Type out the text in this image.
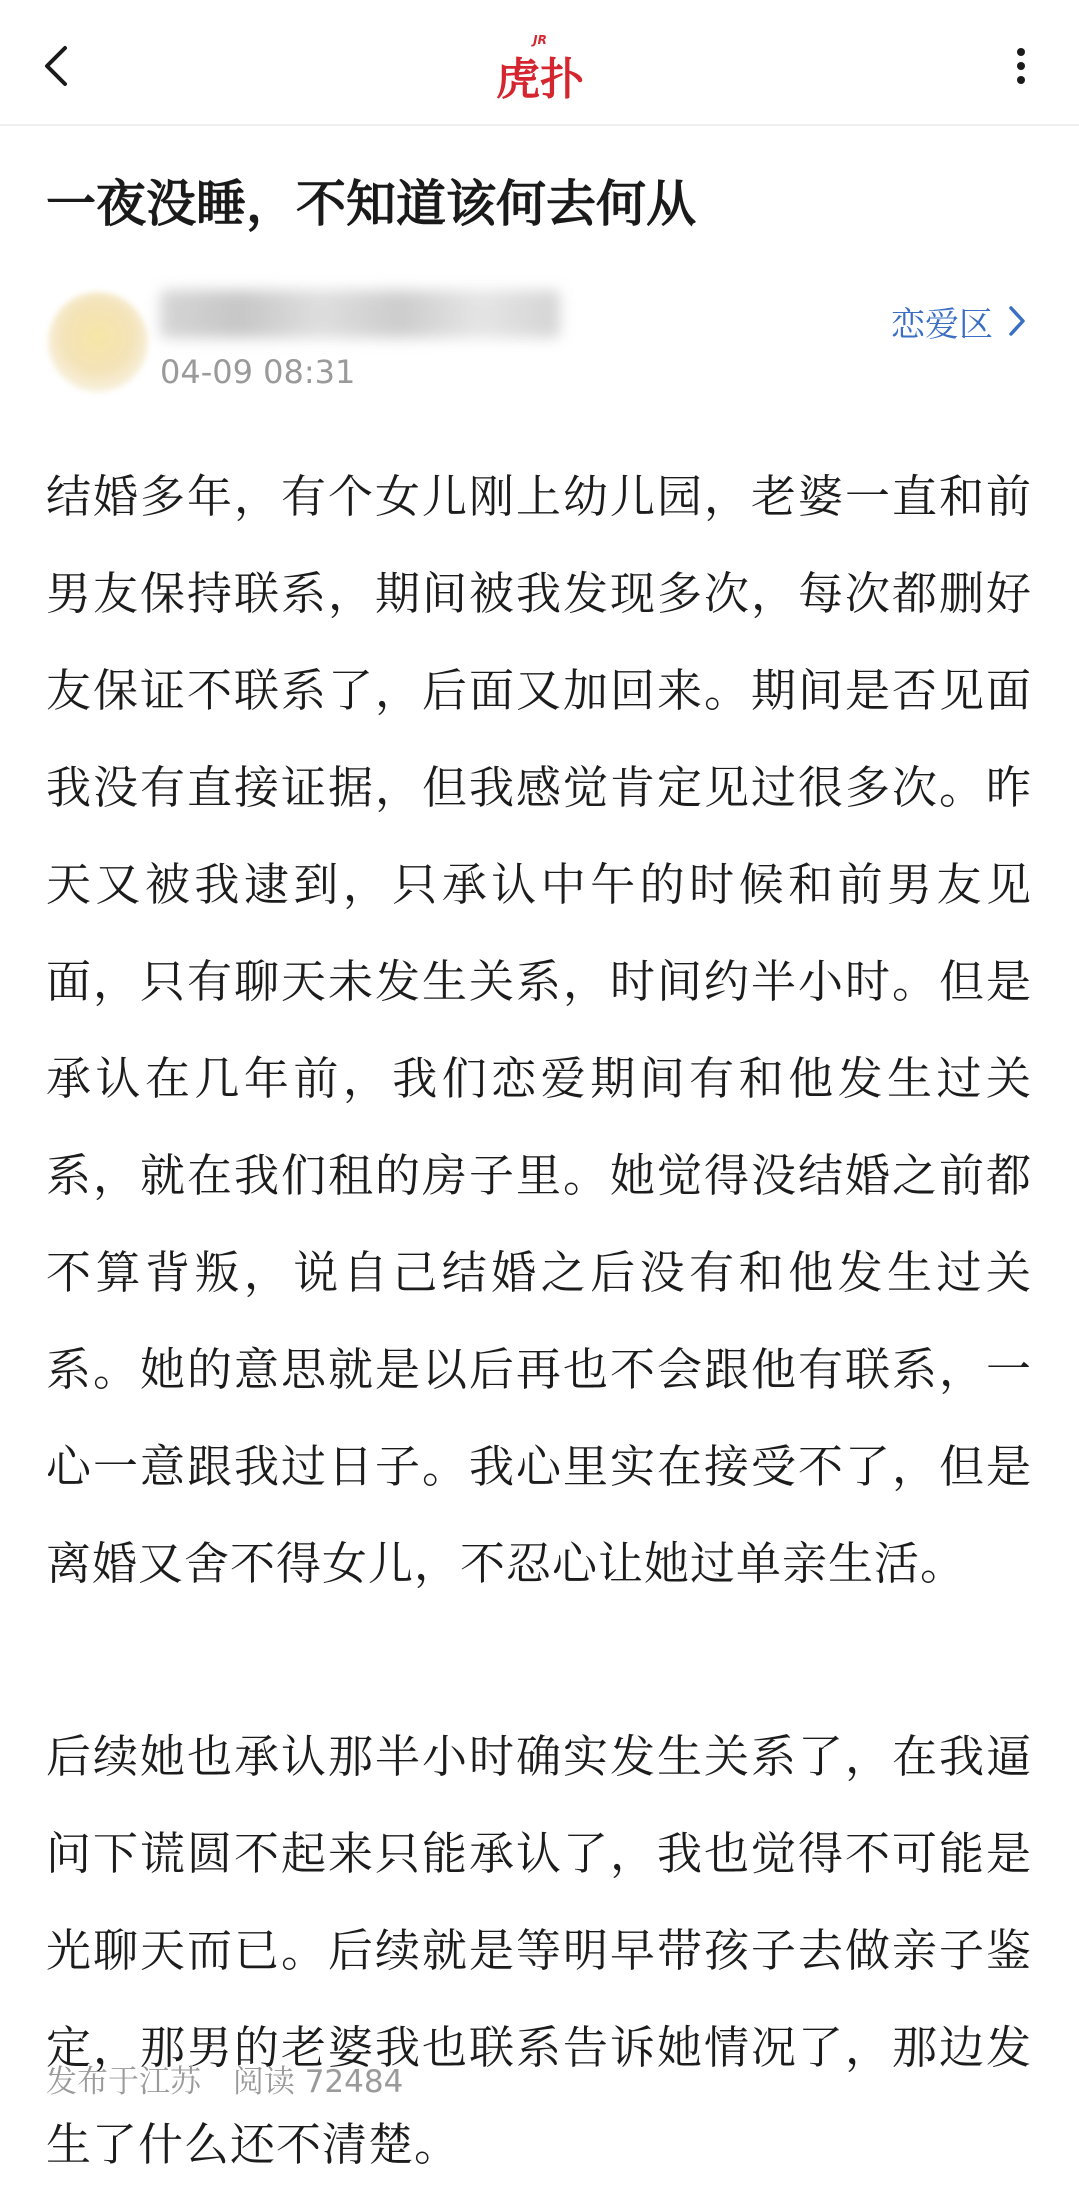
JR
虎扑
一夜没睡，不知道该何去何从
04-09 08:31
恋爱区

结婚多年，有个女儿刚上幼儿园，老婆一直和前男友保持联系，期间被我发现多次，每次都删好友保证不联系了，后面又加回来。期间是否见面我没有直接证据，但我感觉肯定见过很多次。昨天又被我逮到，只承认中午的时候和前男友见面，只有聊天未发生关系，时间约半小时。但是承认在几年前，我们恋爱期间有和他发生过关系，就在我们租的房子里。她觉得没结婚之前都不算背叛，说自己结婚之后没有和他发生过关系。她的意思就是以后再也不会跟他有联系，一心一意跟我过日子。我心里实在接受不了，但是离婚又舍不得女儿，不忍心让她过单亲生活。

后续她也承认那半小时确实发生关系了，在我逼问下谎圆不起来只能承认了，我也觉得不可能是光聊天而已。后续就是等明早带孩子去做亲子鉴定，那男的老婆我也联系告诉她情况了，那边发生了什么还不清楚。

发布于江苏 阅读 72484
